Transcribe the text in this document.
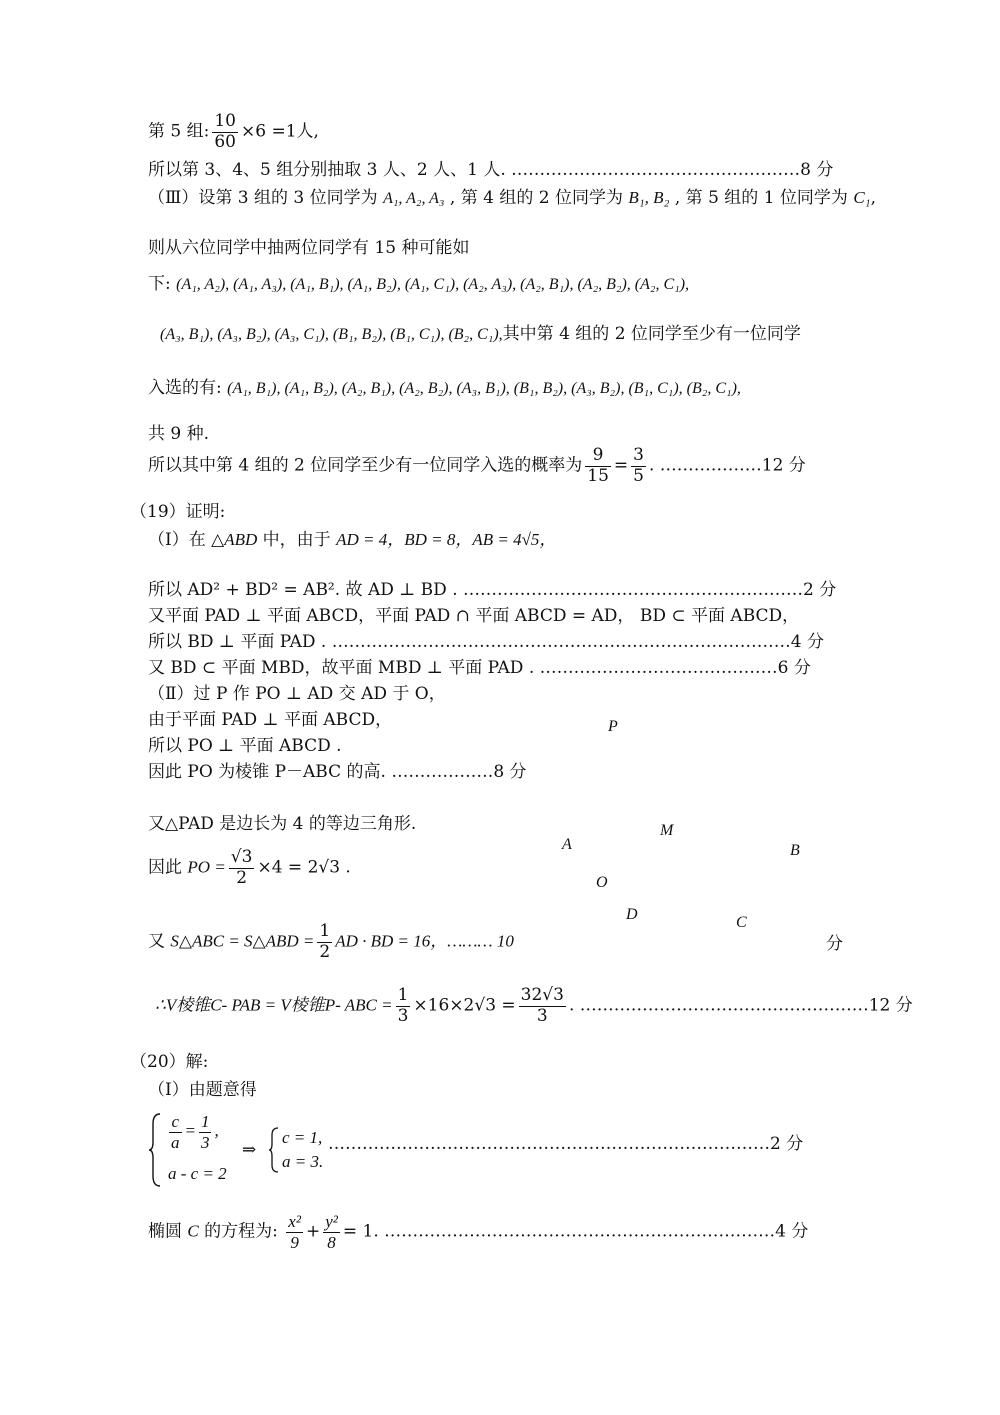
第 5 组: $\frac{10}{60} \times 6 =1$人,
所以第 3、4、5 组分别抽取 3 人、2 人、1 人. ……………………………………………8 分
（Ⅲ）设第 3 组的 3 位同学为 A₁, A₂, A₃ , 第 4 组的 2 位同学为 B₁, B₂ , 第 5 组的 1 位同学为 C₁,
则从六位同学中抽两位同学有 15 种可能如
下: (A₁, A₂), (A₁, A₃), (A₁, B₁), (A₁, B₂), (A₁, C₁), (A₂, A₃), (A₂, B₁), (A₂, B₂), (A₂, C₁),
(A₃, B₁), (A₃, B₂), (A₃, C₁), (B₁, B₂), (B₁, C₁), (B₂, C₁),其中第 4 组的 2 位同学至少有一位同学
入选的有: (A₁, B₁), (A₁, B₂), (A₂, B₁), (A₂, B₂), (A₃, B₁), (B₁, B₂), (A₃, B₂), (B₁, C₁), (B₂, C₁),
共 9 种.
所以其中第 4 组的 2 位同学至少有一位同学入选的概率为 $\frac{9}{15} = \frac{3}{5}$ . ………………12 分
（19）证明:
（Ⅰ）在 △ABD 中，由于 AD = 4，BD = 8，AB = 4√5，
所以 AD² + BD² = AB². 故 AD ⊥ BD . ……………………………………………………2 分
又平面 PAD ⊥ 平面 ABCD，平面 PAD ∩ 平面 ABCD = AD， BD ⊂ 平面 ABCD，
所以 BD ⊥ 平面 PAD . ………………………………………………………………………4 分
又 BD ⊂ 平面 MBD，故平面 MBD ⊥ 平面 PAD . ……………………………………6 分
（Ⅱ）过 P 作 PO ⊥ AD 交 AD 于 O，
由于平面 PAD ⊥ 平面 ABCD，
所以 PO ⊥ 平面 ABCD .
因此 PO 为棱锥 P－ABC 的高. ………………8 分
又△PAD 是边长为 4 的等边三角形.
因此 PO = $\frac{√3}{2} \times 4 = 2√3$ .
又 S△ABC = S△ABD = $\frac{1}{2}$ AD · BD = 16，……… 10	分
∴V棱锥C- PAB = V棱锥P- ABC = $\frac{1}{3} \times 16\times 2√3 = \frac{32√3}{3}$ . ……………………………………………12 分
（20）解:
（Ⅰ）由题意得
$\frac{c}{a} = \frac{1}{3}$ ,
a - c = 2
⇒
c = 1,
a = 3.
……………………………………………………………………2 分
椭圆 C 的方程为: $\frac{\text{x²}}{9} + \frac{\text{y²}}{8} = 1$. ……………………………………………………………4 分
P
M
A	B
O
D	C
